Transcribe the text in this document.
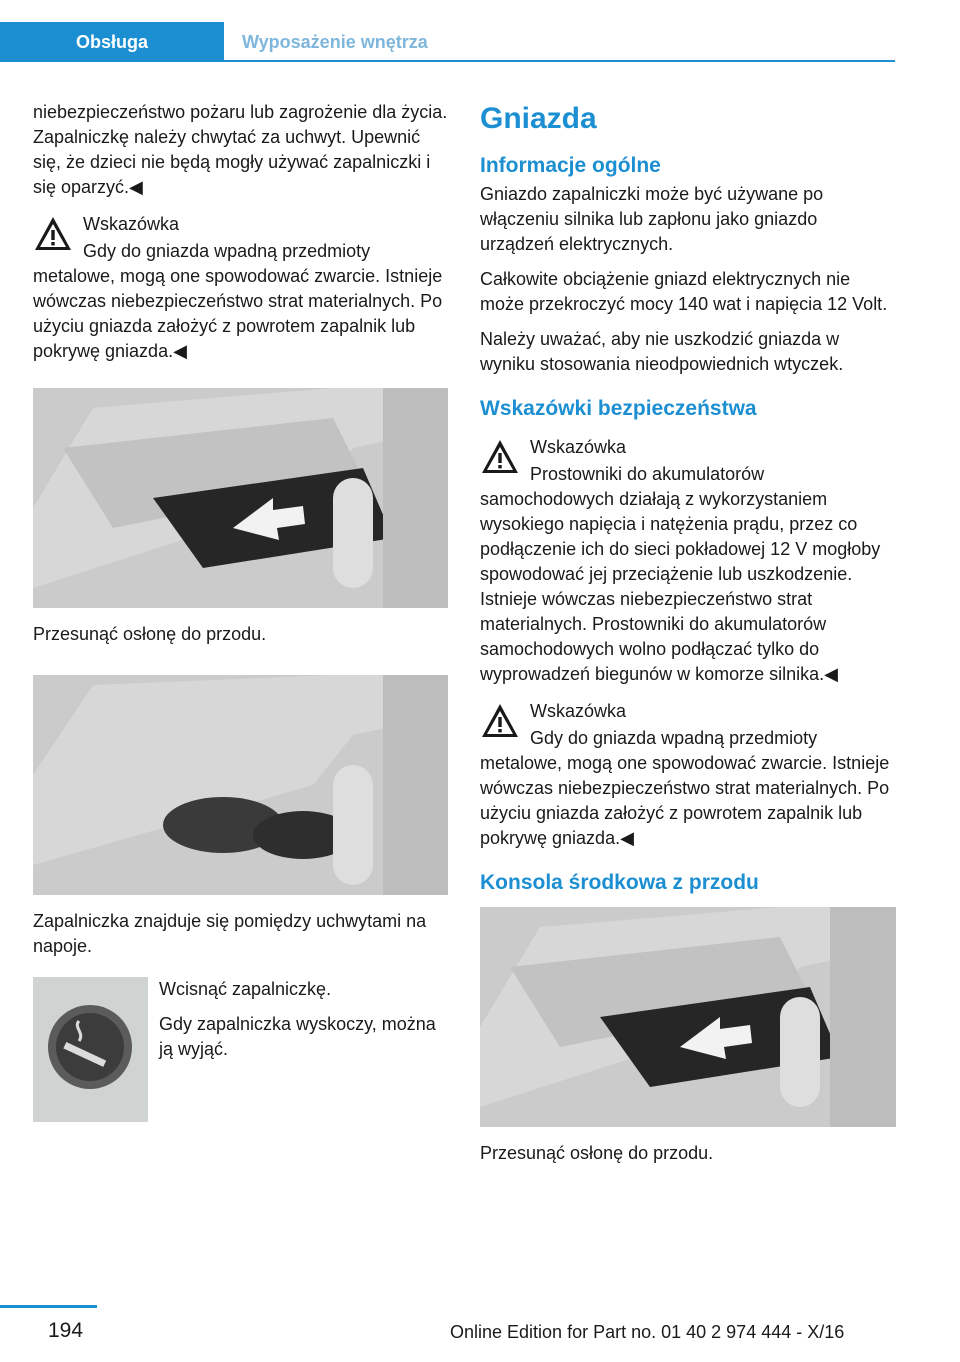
Obsługa	Wyposażenie wnętrza

niebezpieczeństwo pożaru lub zagrożenie dla życia. Zapalniczkę należy chwytać za uchwyt. Upewnić się, że dzieci nie będą mogły używać zapalniczki i się oparzyć.◀

Wskazówka

Gdy do gniazda wpadną przedmioty metalowe, mogą one spowodować zwarcie. Istnieje wówczas niebezpieczeństwo strat materialnych. Po użyciu gniazda założyć z powrotem zapalnik lub pokrywę gniazda.◀

Przesunąć osłonę do przodu.

Zapalniczka znajduje się pomiędzy uchwytami na napoje.

Wcisnąć zapalniczkę.

Gdy zapalniczka wyskoczy, można ją wyjąć.

Gniazda
Informacje ogólne

Gniazdo zapalniczki może być używane po włączeniu silnika lub zapłonu jako gniazdo urządzeń elektrycznych.

Całkowite obciążenie gniazd elektrycznych nie może przekroczyć mocy 140 wat i napięcia 12 Volt.

Należy uważać, aby nie uszkodzić gniazda w wyniku stosowania nieodpowiednich wtyczek.

Wskazówki bezpieczeństwa

Wskazówka

Prostowniki do akumulatorów samochodowych działają z wykorzystaniem wysokiego napięcia i natężenia prądu, przez co podłączenie ich do sieci pokładowej 12 V mogłoby spowodować jej przeciążenie lub uszkodzenie. Istnieje wówczas niebezpieczeństwo strat materialnych. Prostowniki do akumulatorów samochodowych wolno podłączać tylko do wyprowadzeń biegunów w komorze silnika.◀

Wskazówka

Gdy do gniazda wpadną przedmioty metalowe, mogą one spowodować zwarcie. Istnieje wówczas niebezpieczeństwo strat materialnych. Po użyciu gniazda założyć z powrotem zapalnik lub pokrywę gniazda.◀

Konsola środkowa z przodu

Przesunąć osłonę do przodu.

194	Online Edition for Part no. 01 40 2 974 444 - X/16
